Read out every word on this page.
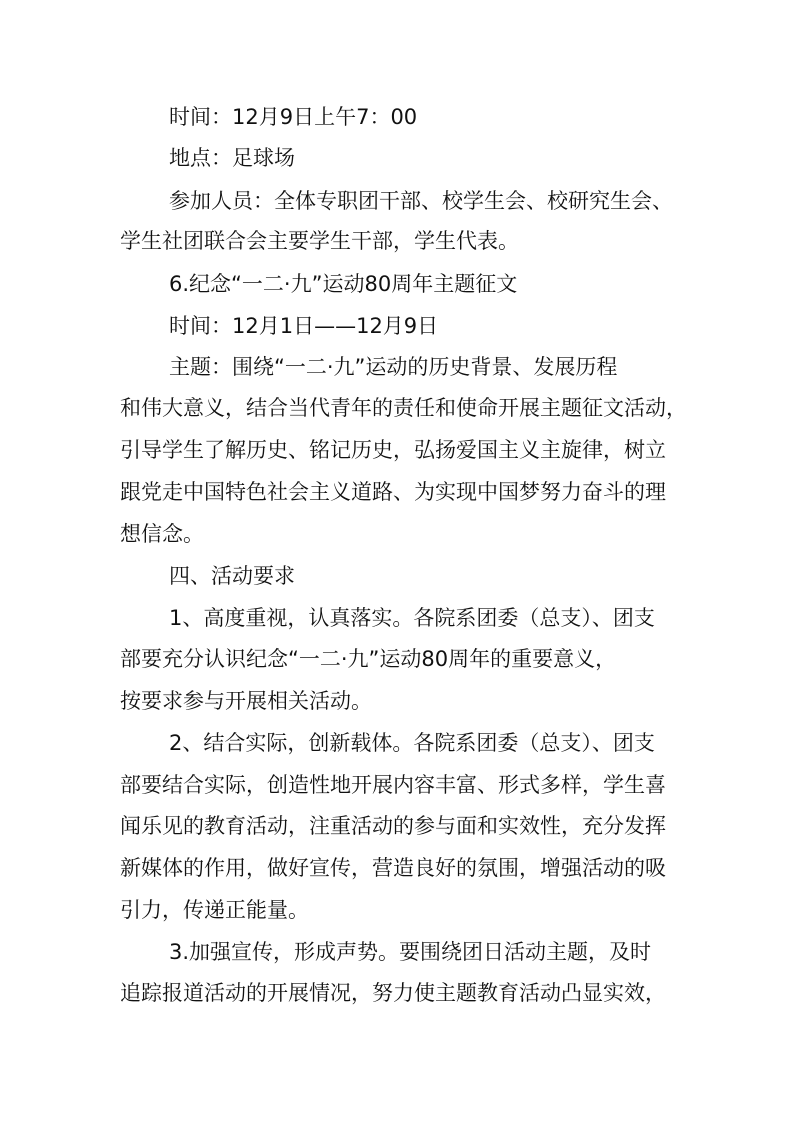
时间：12月9日上午7：00
地点：足球场
参加人员：全体专职团干部、校学生会、校研究生会、
学生社团联合会主要学生干部，学生代表。
6.纪念“一二·九”运动80周年主题征文
时间：12月1日——12月9日
主题：围绕“一二·九”运动的历史背景、发展历程
和伟大意义，结合当代青年的责任和使命开展主题征文活动，
引导学生了解历史、铭记历史，弘扬爱国主义主旋律，树立
跟党走中国特色社会主义道路、为实现中国梦努力奋斗的理
想信念。
四、活动要求
1、高度重视，认真落实。各院系团委（总支）、团支
部要充分认识纪念“一二·九”运动80周年的重要意义，
按要求参与开展相关活动。
2、结合实际，创新载体。各院系团委（总支）、团支
部要结合实际，创造性地开展内容丰富、形式多样，学生喜
闻乐见的教育活动，注重活动的参与面和实效性，充分发挥
新媒体的作用，做好宣传，营造良好的氛围，增强活动的吸
引力，传递正能量。
3.加强宣传，形成声势。要围绕团日活动主题，及时
追踪报道活动的开展情况，努力使主题教育活动凸显实效，
